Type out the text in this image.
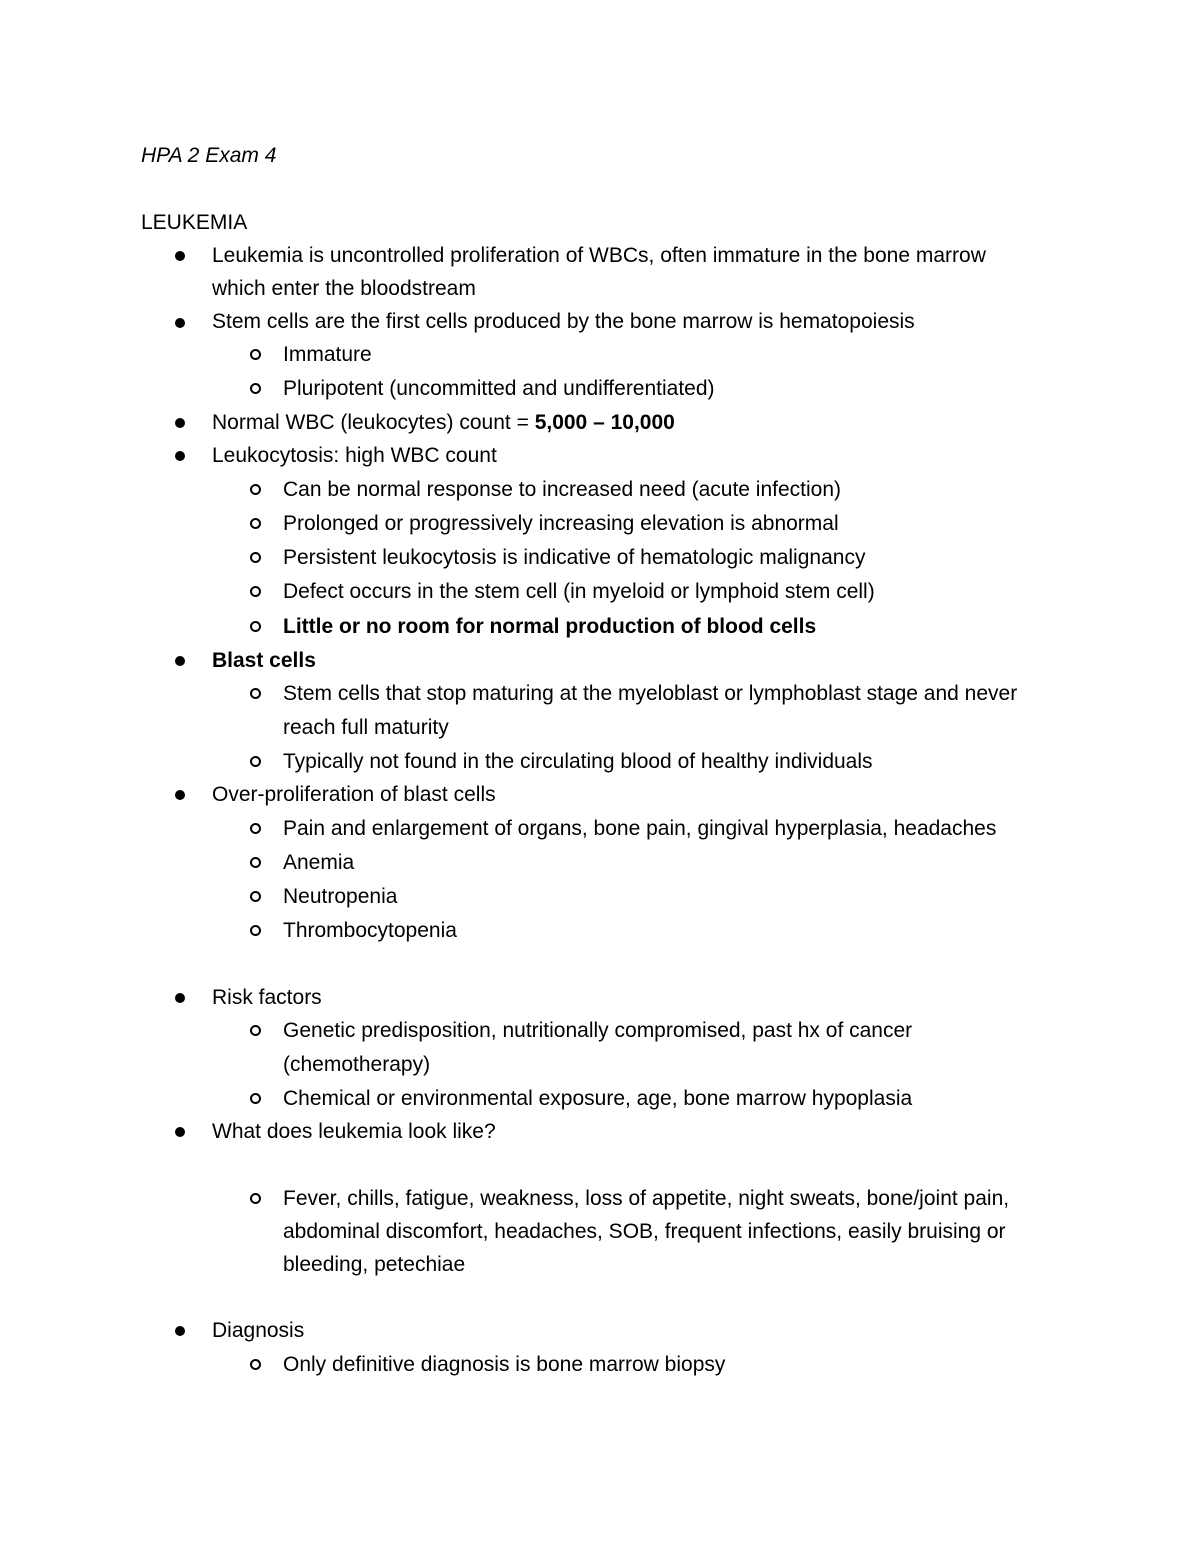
HPA 2 Exam 4
LEUKEMIA
Leukemia is uncontrolled proliferation of WBCs, often immature in the bone marrow
which enter the bloodstream
Stem cells are the first cells produced by the bone marrow is hematopoiesis
Immature
Pluripotent (uncommitted and undifferentiated)
Normal WBC (leukocytes) count = 5,000 – 10,000
Leukocytosis: high WBC count
Can be normal response to increased need (acute infection)
Prolonged or progressively increasing elevation is abnormal
Persistent leukocytosis is indicative of hematologic malignancy
Defect occurs in the stem cell (in myeloid or lymphoid stem cell)
Little or no room for normal production of blood cells
Blast cells
Stem cells that stop maturing at the myeloblast or lymphoblast stage and never
reach full maturity
Typically not found in the circulating blood of healthy individuals
Over-proliferation of blast cells
Pain and enlargement of organs, bone pain, gingival hyperplasia, headaches
Anemia
Neutropenia
Thrombocytopenia
Risk factors
Genetic predisposition, nutritionally compromised, past hx of cancer
(chemotherapy)
Chemical or environmental exposure, age, bone marrow hypoplasia
What does leukemia look like?
Fever, chills, fatigue, weakness, loss of appetite, night sweats, bone/joint pain,
abdominal discomfort, headaches, SOB, frequent infections, easily bruising or
bleeding, petechiae
Diagnosis
Only definitive diagnosis is bone marrow biopsy
